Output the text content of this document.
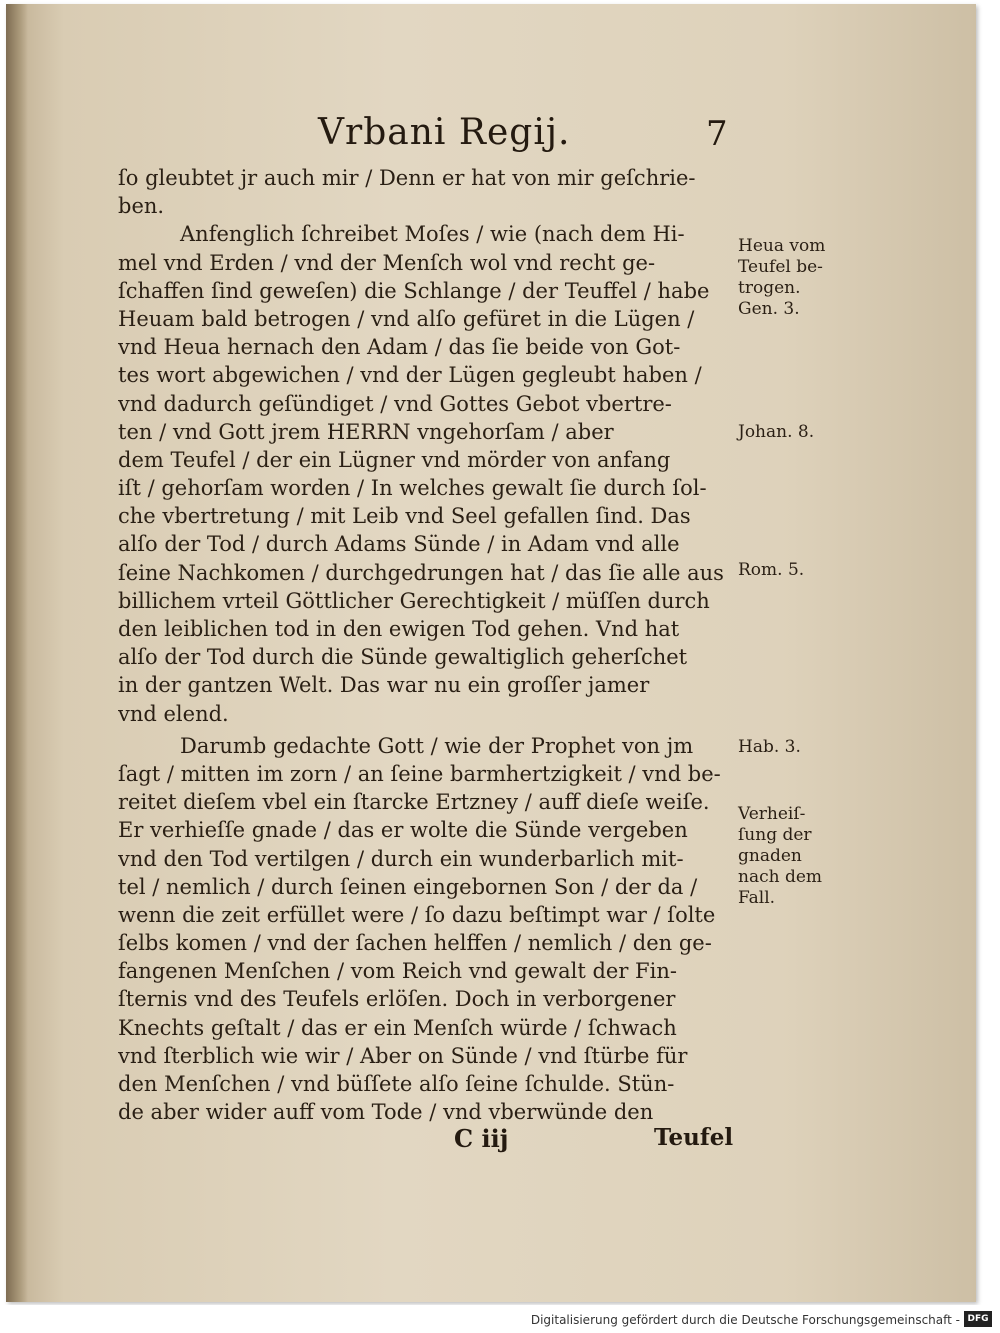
Vrbani Regij.	7
ſo gleubtet jr auch mir / Denn er hat von mir geſchrie-
ben.
Anfenglich ſchreibet Moſes / wie (nach dem Hi-
mel vnd Erden / vnd der Menſch wol vnd recht ge-
ſchaffen ſind geweſen) die Schlange / der Teuffel / habe
Heuam bald betrogen / vnd alſo gefüret in die Lügen /
vnd Heua hernach den Adam / das ſie beide von Got-
tes wort abgewichen / vnd der Lügen gegleubt haben /
vnd dadurch geſündiget / vnd Gottes Gebot vbertre-
ten / vnd Gott jrem HERRN vngehorſam / aber
dem Teufel / der ein Lügner vnd mörder von anfang
iſt / gehorſam worden / In welches gewalt ſie durch ſol-
che vbertretung / mit Leib vnd Seel gefallen ſind. Das
alſo der Tod / durch Adams Sünde / in Adam vnd alle
ſeine Nachkomen / durchgedrungen hat / das ſie alle aus
billichem vrteil Göttlicher Gerechtigkeit / müſſen durch
den leiblichen tod in den ewigen Tod gehen. Vnd hat
alſo der Tod durch die Sünde gewaltiglich geherſchet
in der gantzen Welt. Das war nu ein groſſer jamer
vnd elend.
Darumb gedachte Gott / wie der Prophet von jm
ſagt / mitten im zorn / an ſeine barmhertzigkeit / vnd be-
reitet dieſem vbel ein ſtarcke Ertzney / auff dieſe weiſe.
Er verhieſſe gnade / das er wolte die Sünde vergeben
vnd den Tod vertilgen / durch ein wunderbarlich mit-
tel / nemlich / durch ſeinen eingebornen Son / der da /
wenn die zeit erfüllet were / ſo dazu beſtimpt war / ſolte
ſelbs komen / vnd der ſachen helffen / nemlich / den ge-
fangenen Menſchen / vom Reich vnd gewalt der Fin-
ſternis vnd des Teufels erlöſen. Doch in verborgener
Knechts geſtalt / das er ein Menſch würde / ſchwach
vnd ſterblich wie wir / Aber on Sünde / vnd ſtürbe für
den Menſchen / vnd büſſete alſo ſeine ſchulde. Stün-
de aber wider auff vom Tode / vnd vberwünde den
Heua vom
Teufel be-
trogen.
Gen. 3.
Johan. 8.
Rom. 5.
Hab. 3.
Verheiſ-
ſung der
gnaden
nach dem
Fall.
C iij	Teufel
Digitalisierung gefördert durch die Deutsche Forschungsgemeinschaft - DFG
